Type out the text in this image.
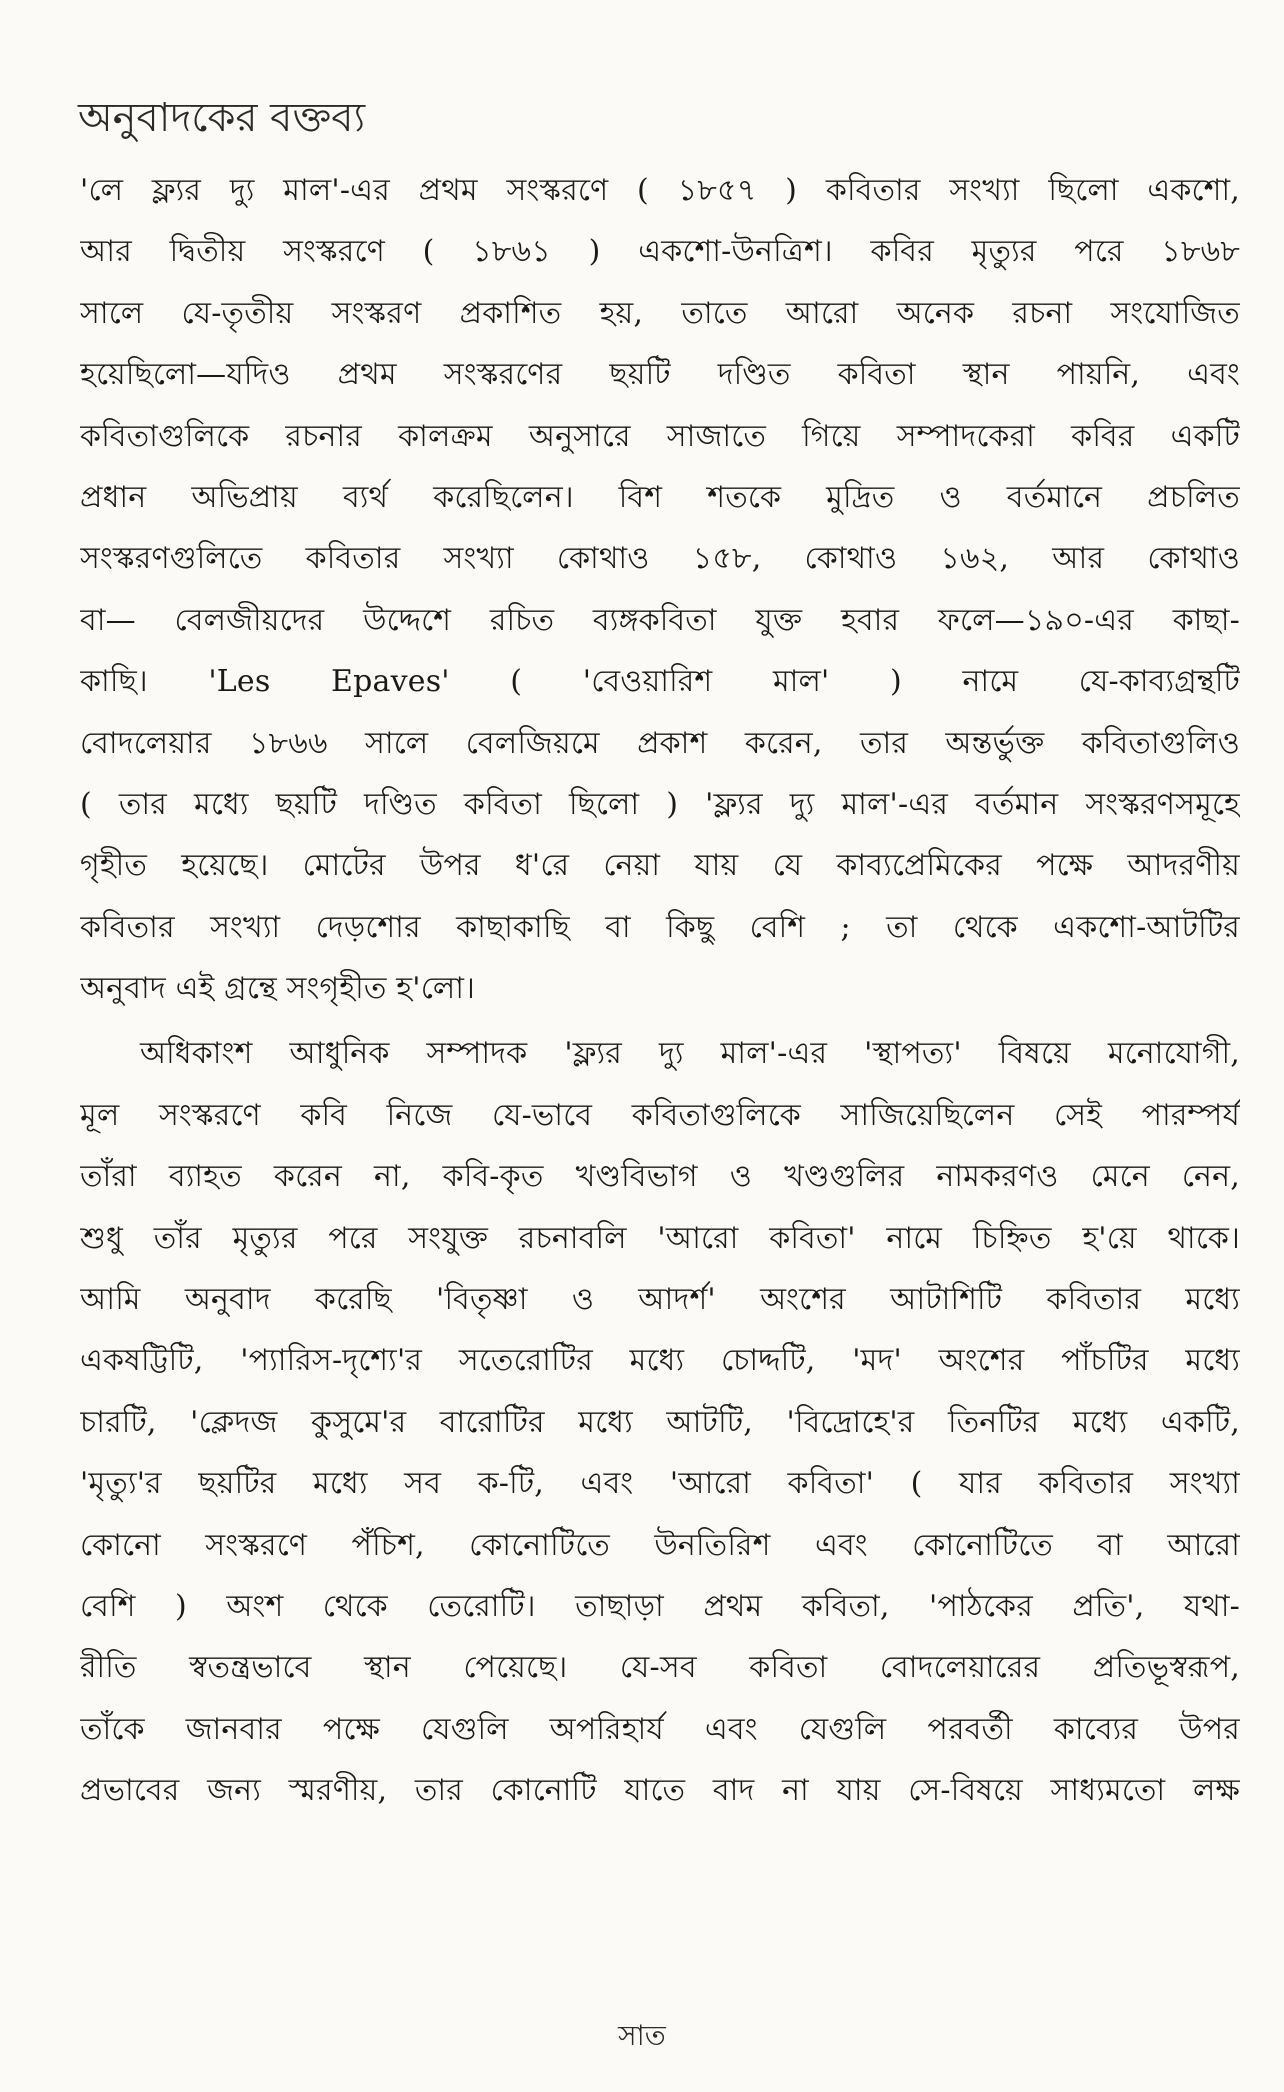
অনুবাদকের বক্তব্য
'লে ফ্ল্যর দ্যু মাল'-এর প্রথম সংস্করণে ( ১৮৫৭ ) কবিতার সংখ্যা ছিলো একশো,
আর দ্বিতীয় সংস্করণে ( ১৮৬১ ) একশো-উনত্রিশ। কবির মৃত্যুর পরে ১৮৬৮
সালে যে-তৃতীয় সংস্করণ প্রকাশিত হয়, তাতে আরো অনেক রচনা সংযোজিত
হয়েছিলো—যদিও প্রথম সংস্করণের ছয়টি দণ্ডিত কবিতা স্থান পায়নি, এবং
কবিতাগুলিকে রচনার কালক্রম অনুসারে সাজাতে গিয়ে সম্পাদকেরা কবির একটি
প্রধান অভিপ্রায় ব্যর্থ করেছিলেন। বিশ শতকে মুদ্রিত ও বর্তমানে প্রচলিত
সংস্করণগুলিতে কবিতার সংখ্যা কোথাও ১৫৮, কোথাও ১৬২, আর কোথাও
বা— বেলজীয়দের উদ্দেশে রচিত ব্যঙ্গকবিতা যুক্ত হবার ফলে—১৯০-এর কাছা-
কাছি। 'Les Epaves' ( 'বেওয়ারিশ মাল' ) নামে যে-কাব্যগ্রন্থটি
বোদলেয়ার ১৮৬৬ সালে বেলজিয়মে প্রকাশ করেন, তার অন্তর্ভুক্ত কবিতাগুলিও
( তার মধ্যে ছয়টি দণ্ডিত কবিতা ছিলো ) 'ফ্ল্যর দ্যু মাল'-এর বর্তমান সংস্করণসমূহে
গৃহীত হয়েছে। মোটের উপর ধ'রে নেয়া যায় যে কাব্যপ্রেমিকের পক্ষে আদরণীয়
কবিতার সংখ্যা দেড়শোর কাছাকাছি বা কিছু বেশি ; তা থেকে একশো-আটটির
অনুবাদ এই গ্রন্থে সংগৃহীত হ'লো।
অধিকাংশ আধুনিক সম্পাদক 'ফ্ল্যর দ্যু মাল'-এর 'স্থাপত্য' বিষয়ে মনোযোগী,
মূল সংস্করণে কবি নিজে যে-ভাবে কবিতাগুলিকে সাজিয়েছিলেন সেই পারম্পর্য
তাঁরা ব্যাহত করেন না, কবি-কৃত খণ্ডবিভাগ ও খণ্ডগুলির নামকরণও মেনে নেন,
শুধু তাঁর মৃত্যুর পরে সংযুক্ত রচনাবলি 'আরো কবিতা' নামে চিহ্নিত হ'য়ে থাকে।
আমি অনুবাদ করেছি 'বিতৃষ্ণা ও আদর্শ' অংশের আটাশিটি কবিতার মধ্যে
একষট্টিটি, 'প্যারিস-দৃশ্যে'র সতেরোটির মধ্যে চোদ্দটি, 'মদ' অংশের পাঁচটির মধ্যে
চারটি, 'ক্লেদজ কুসুমে'র বারোটির মধ্যে আটটি, 'বিদ্রোহে'র তিনটির মধ্যে একটি,
'মৃত্যু'র ছয়টির মধ্যে সব ক-টি, এবং 'আরো কবিতা' ( যার কবিতার সংখ্যা
কোনো সংস্করণে পঁচিশ, কোনোটিতে উনতিরিশ এবং কোনোটিতে বা আরো
বেশি ) অংশ থেকে তেরোটি। তাছাড়া প্রথম কবিতা, 'পাঠকের প্রতি', যথা-
রীতি স্বতন্ত্রভাবে স্থান পেয়েছে। যে-সব কবিতা বোদলেয়ারের প্রতিভূস্বরূপ,
তাঁকে জানবার পক্ষে যেগুলি অপরিহার্য এবং যেগুলি পরবর্তী কাব্যের উপর
প্রভাবের জন্য স্মরণীয়, তার কোনোটি যাতে বাদ না যায় সে-বিষয়ে সাধ্যমতো লক্ষ
সাত
